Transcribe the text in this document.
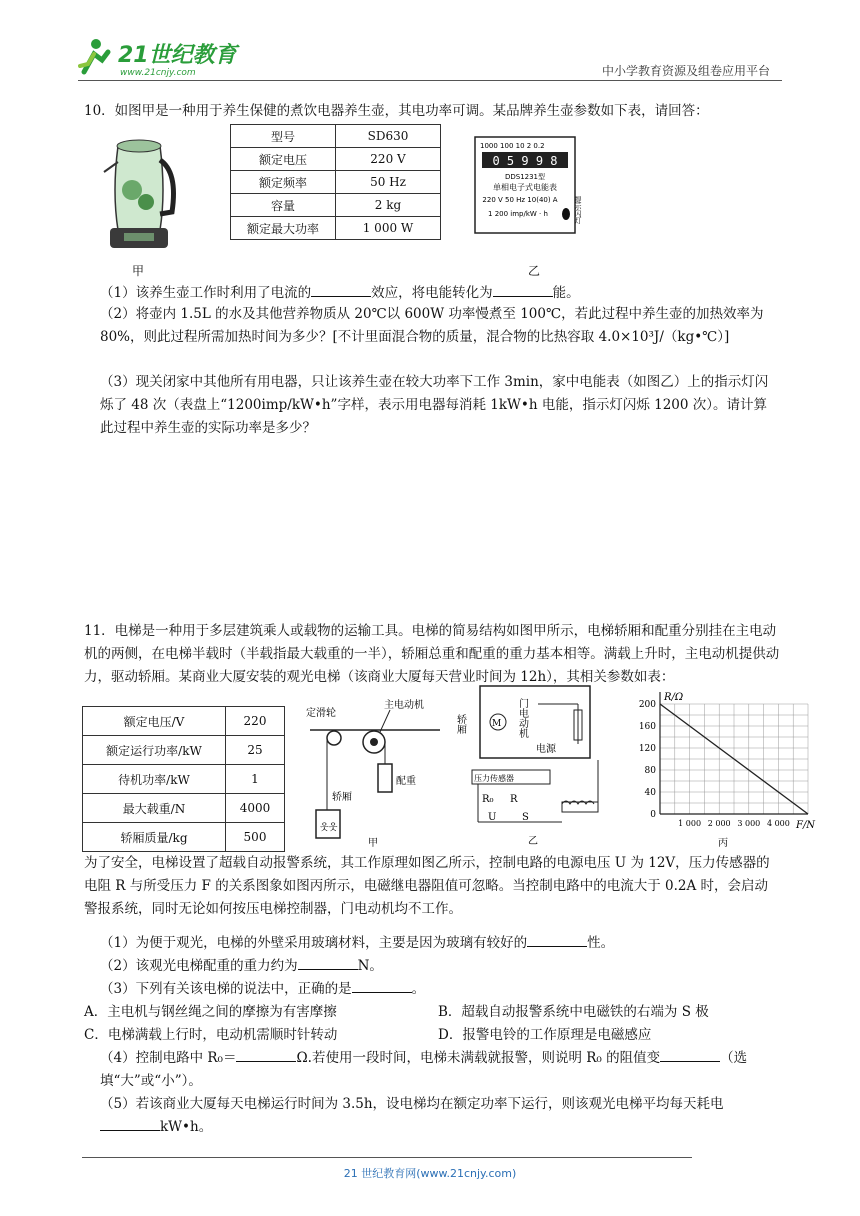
21世纪教育
www.21cnjy.com	中小学教育资源及组卷应用平台
10．如图甲是一种用于养生保健的煮饮电器养生壶，其电功率可调。某品牌养生壶参数如下表，请回答：
甲
型号	SD630
额定电压	220 V
额定频率	50 Hz
容量	2 kg
额定最大功率	1 000 W
1000 100 10 2 0.2
0 5 9 9 8
DDS1231型
单相电子式电能表
220 V 50 Hz 10(40) A
1 200 imp/kW · h	提示闪灯
乙
（1）该养生壶工作时利用了电流的	效应，将电能转化为	能。
（2）将壶内 1.5L 的水及其他营养物质从 20℃以 600W 功率慢煮至 100℃，若此过程中养生壶的加热效率为 80%，则此过程所需加热时间为多少？[不计里面混合物的质量，混合物的比热容取 4.0×10³J/（kg•℃）]
（3）现关闭家中其他所有用电器，只让该养生壶在较大功率下工作 3min，家中电能表（如图乙）上的指示灯闪烁了 48 次（表盘上“1200imp/kW•h”字样，表示用电器每消耗 1kW•h 电能，指示灯闪烁 1200 次）。请计算此过程中养生壶的实际功率是多少？
11．电梯是一种用于多层建筑乘人或载物的运输工具。电梯的简易结构如图甲所示，电梯轿厢和配重分别挂在主电动机的两侧，在电梯半载时（半载指最大载重的一半），轿厢总重和配重的重力基本相等。满载上升时，主电动机提供动力，驱动轿厢。某商业大厦安装的观光电梯（该商业大厦每天营业时间为 12h），其相关参数如表：
额定电压/V	220
额定运行功率/kW	25
待机功率/kW	1
最大载重/N	4000
轿厢质量/kg	500
웃웃
定滑轮
主电动机
轿厢
配重
甲
M
轿厢	门电动机
电源
压力传感器
R₀ R
U	S
乙
R/Ω
F/N
0
40
80
120
160
200
1 000 2 000 3 000 4 000
丙
为了安全，电梯设置了超载自动报警系统，其工作原理如图乙所示，控制电路的电源电压 U 为 12V，压力传感器的电阻 R 与所受压力 F 的关系图象如图丙所示，电磁继电器阻值可忽略。当控制电路中的电流大于 0.2A 时，会启动警报系统，同时无论如何按压电梯控制器，门电动机均不工作。
（1）为便于观光，电梯的外壁采用玻璃材料，主要是因为玻璃有较好的	性。
（2）该观光电梯配重的重力约为	N。
（3）下列有关该电梯的说法中，正确的是	。
A．主电机与钢丝绳之间的摩擦为有害摩擦	B．超载自动报警系统中电磁铁的右端为 S 极
C．电梯满载上行时，电动机需顺时针转动	D．报警电铃的工作原理是电磁感应
（4）控制电路中 R₀＝	Ω.若使用一段时间，电梯未满载就报警，则说明 R₀ 的阻值变	（选填“大”或“小”）。
（5）若该商业大厦每天电梯运行时间为 3.5h，设电梯均在额定功率下运行，则该观光电梯平均每天耗电kW•h。
21 世纪教育网(www.21cnjy.com)
